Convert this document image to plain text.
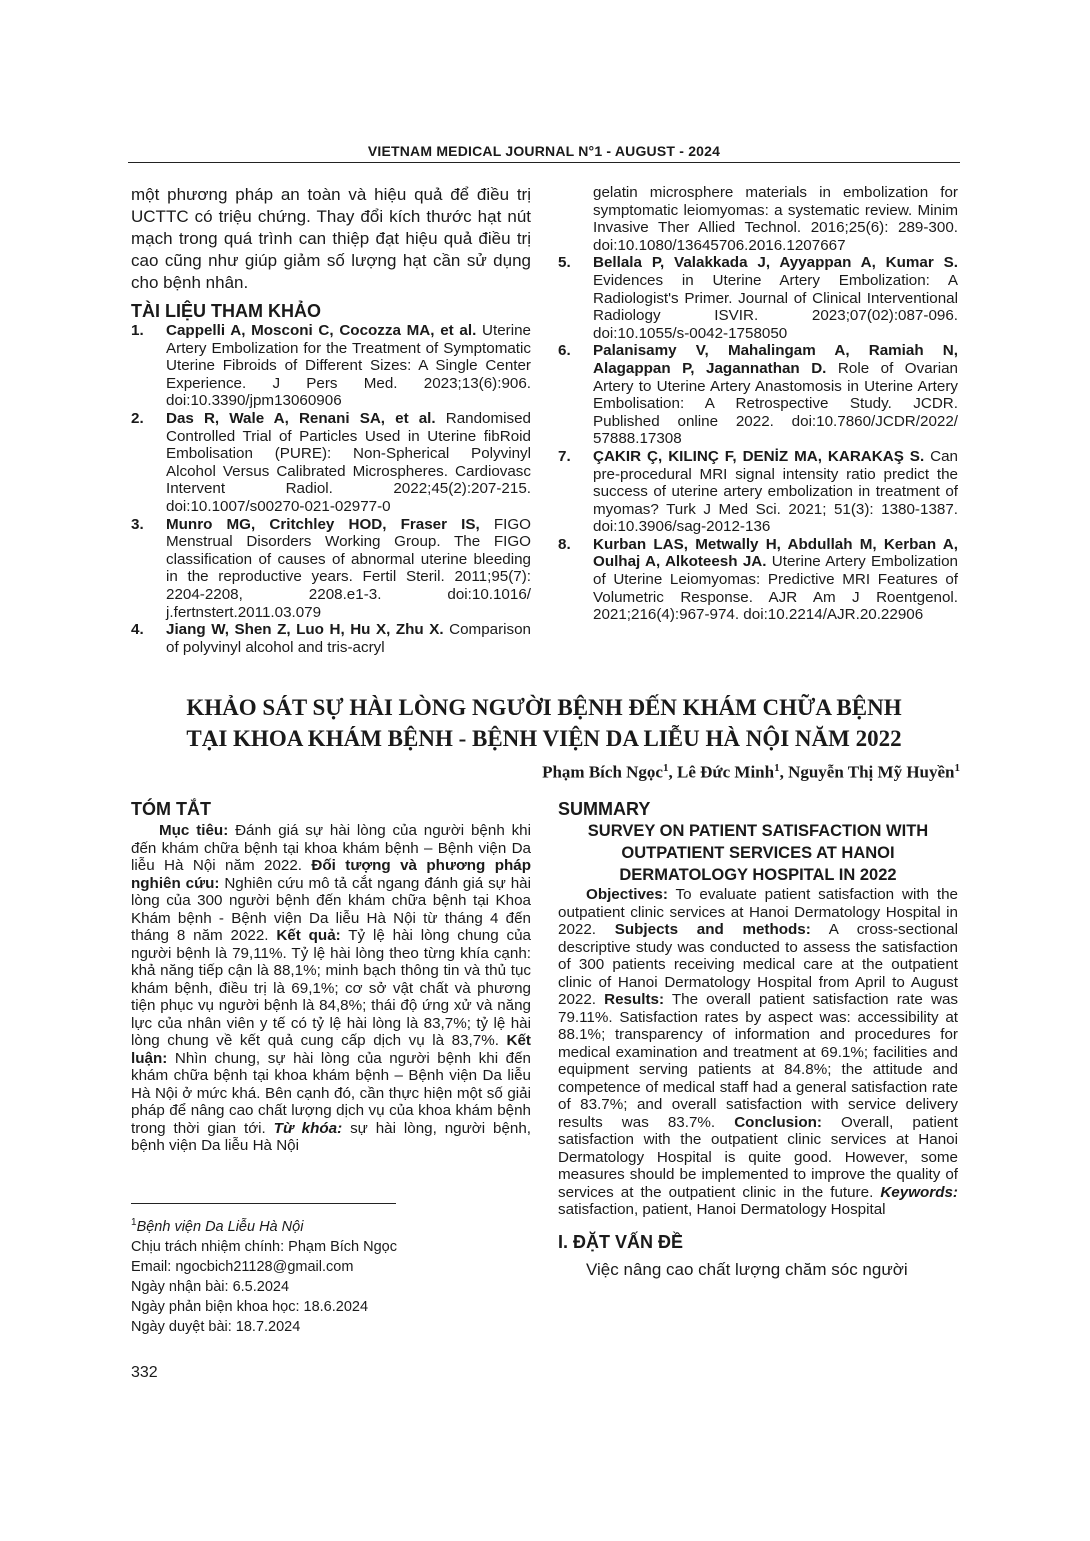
VIETNAM MEDICAL JOURNAL N°1 - AUGUST - 2024
một phương pháp an toàn và hiệu quả để điều trị UCTTC có triệu chứng. Thay đổi kích thước hạt nút mạch trong quá trình can thiệp đạt hiệu quả điều trị cao cũng như giúp giảm số lượng hạt cần sử dụng cho bệnh nhân.
TÀI LIỆU THAM KHẢO
1. Cappelli A, Mosconi C, Cocozza MA, et al. Uterine Artery Embolization for the Treatment of Symptomatic Uterine Fibroids of Different Sizes: A Single Center Experience. J Pers Med. 2023;13(6):906. doi:10.3390/jpm13060906
2. Das R, Wale A, Renani SA, et al. Randomised Controlled Trial of Particles Used in Uterine fibRoid Embolisation (PURE): Non-Spherical Polyvinyl Alcohol Versus Calibrated Microspheres. Cardiovasc Intervent Radiol. 2022;45(2):207-215. doi:10.1007/s00270-021-02977-0
3. Munro MG, Critchley HOD, Fraser IS, FIGO Menstrual Disorders Working Group. The FIGO classification of causes of abnormal uterine bleeding in the reproductive years. Fertil Steril. 2011;95(7): 2204-2208, 2208.e1-3. doi:10.1016/ j.fertnstert.2011.03.079
4. Jiang W, Shen Z, Luo H, Hu X, Zhu X. Comparison of polyvinyl alcohol and tris-acryl

gelatin microsphere materials in embolization for symptomatic leiomyomas: a systematic review. Minim Invasive Ther Allied Technol. 2016;25(6): 289-300. doi:10.1080/13645706.2016.1207667

5. Bellala P, Valakkada J, Ayyappan A, Kumar S. Evidences in Uterine Artery Embolization: A Radiologist's Primer. Journal of Clinical Interventional Radiology ISVIR. 2023;07(02):087-096. doi:10.1055/s-0042-1758050
6. Palanisamy V, Mahalingam A, Ramiah N, Alagappan P, Jagannathan D. Role of Ovarian Artery to Uterine Artery Anastomosis in Uterine Artery Embolisation: A Retrospective Study. JCDR. Published online 2022. doi:10.7860/JCDR/2022/ 57888.17308
7. ÇAKIR Ç, KILINÇ F, DENİZ MA, KARAKAŞ S. Can pre-procedural MRI signal intensity ratio predict the success of uterine artery embolization in treatment of myomas? Turk J Med Sci. 2021; 51(3): 1380-1387. doi:10.3906/sag-2012-136
8. Kurban LAS, Metwally H, Abdullah M, Kerban A, Oulhaj A, Alkoteesh JA. Uterine Artery Embolization of Uterine Leiomyomas: Predictive MRI Features of Volumetric Response. AJR Am J Roentgenol. 2021;216(4):967-974. doi:10.2214/AJR.20.22906
KHẢO SÁT SỰ HÀI LÒNG NGƯỜI BỆNH ĐẾN KHÁM CHỮA BỆNH
TẠI KHOA KHÁM BỆNH - BỆNH VIỆN DA LIỄU HÀ NỘI NĂM 2022
Phạm Bích Ngọc$^1$, Lê Đức Minh$^1$, Nguyễn Thị Mỹ Huyền$^1$
TÓM TẮT

Mục tiêu: Đánh giá sự hài lòng của người bệnh khi đến khám chữa bệnh tại khoa khám bệnh – Bệnh viện Da liễu Hà Nội năm 2022. Đối tượng và phương pháp nghiên cứu: Nghiên cứu mô tả cắt ngang đánh giá sự hài lòng của 300 người bệnh đến khám chữa bệnh tại Khoa Khám bệnh - Bệnh viện Da liễu Hà Nội từ tháng 4 đến tháng 8 năm 2022. Kết quả: Tỷ lệ hài lòng chung của người bệnh là 79,11%. Tỷ lệ hài lòng theo từng khía cạnh: khả năng tiếp cận là 88,1%; minh bạch thông tin và thủ tục khám bệnh, điều trị là 69,1%; cơ sở vật chất và phương tiện phục vụ người bệnh là 84,8%; thái độ ứng xử và năng lực của nhân viên y tế có tỷ lệ hài lòng là 83,7%; tỷ lệ hài lòng chung về kết quả cung cấp dịch vụ là 83,7%. Kết luận: Nhìn chung, sự hài lòng của người bệnh khi đến khám chữa bệnh tại khoa khám bệnh – Bệnh viện Da liễu Hà Nội ở mức khá. Bên cạnh đó, cần thực hiện một số giải pháp để nâng cao chất lượng dịch vụ của khoa khám bệnh trong thời gian tới. Từ khóa: sự hài lòng, người bệnh, bệnh viện Da liễu Hà Nội

SUMMARY
SURVEY ON PATIENT SATISFACTION WITH
OUTPATIENT SERVICES AT HANOI
DERMATOLOGY HOSPITAL IN 2022

Objectives: To evaluate patient satisfaction with the outpatient clinic services at Hanoi Dermatology Hospital in 2022. Subjects and methods: A cross-sectional descriptive study was conducted to assess the satisfaction of 300 patients receiving medical care at the outpatient clinic of Hanoi Dermatology Hospital from April to August 2022. Results: The overall patient satisfaction rate was 79.11%. Satisfaction rates by aspect was: accessibility at 88.1%; transparency of information and procedures for medical examination and treatment at 69.1%; facilities and equipment serving patients at 84.8%; the attitude and competence of medical staff had a general satisfaction rate of 83.7%; and overall satisfaction with service delivery results was 83.7%. Conclusion: Overall, patient satisfaction with the outpatient clinic services at Hanoi Dermatology Hospital is quite good. However, some measures should be implemented to improve the quality of services at the outpatient clinic in the future. Keywords: satisfaction, patient, Hanoi Dermatology Hospital

I. ĐẶT VẤN ĐỀ

Việc nâng cao chất lượng chăm sóc người

$^1$Bệnh viện Da Liễu Hà Nội
Chịu trách nhiệm chính: Phạm Bích Ngọc
Email: ngocbich21128@gmail.com
Ngày nhận bài: 6.5.2024
Ngày phản biện khoa học: 18.6.2024
Ngày duyệt bài: 18.7.2024
332
